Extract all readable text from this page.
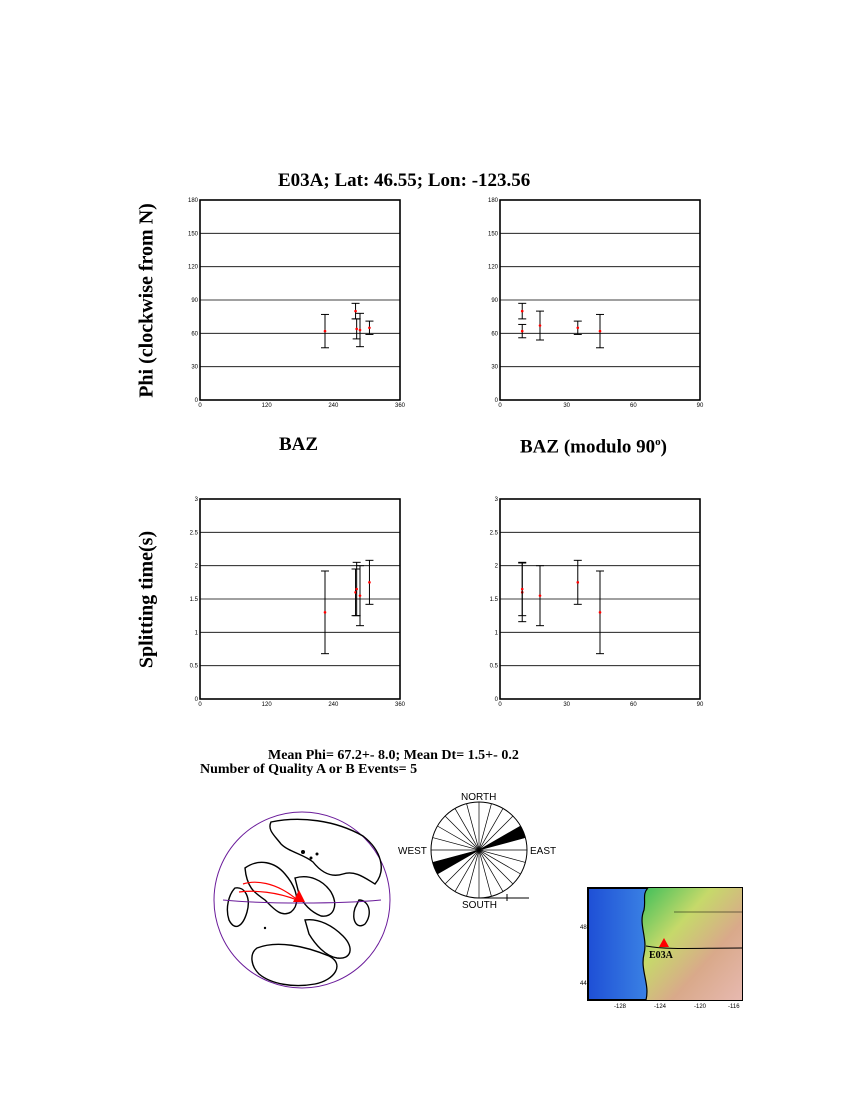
E03A; Lat: 46.55; Lon: -123.56
Phi (clockwise from N)
Splitting time(s)
BAZ	BAZ (modulo 90$^o$)
0
30
60
90
120
150
180
0	120	240	360
0
30
60
90
120
150
180
0	30	60	90
0
0.5
1
1.5
2
2.5
3
0	120	240	360
0
0.5
1
1.5
2
2.5
3
0	30	60	90
Mean Phi= 67.2+- 8.0; Mean Dt= 1.5+- 0.2
Number of Quality A or B Events= 5
NORTH
SOUTH
WEST	EAST
E03A
48
44
-128	-124	-120	-116
